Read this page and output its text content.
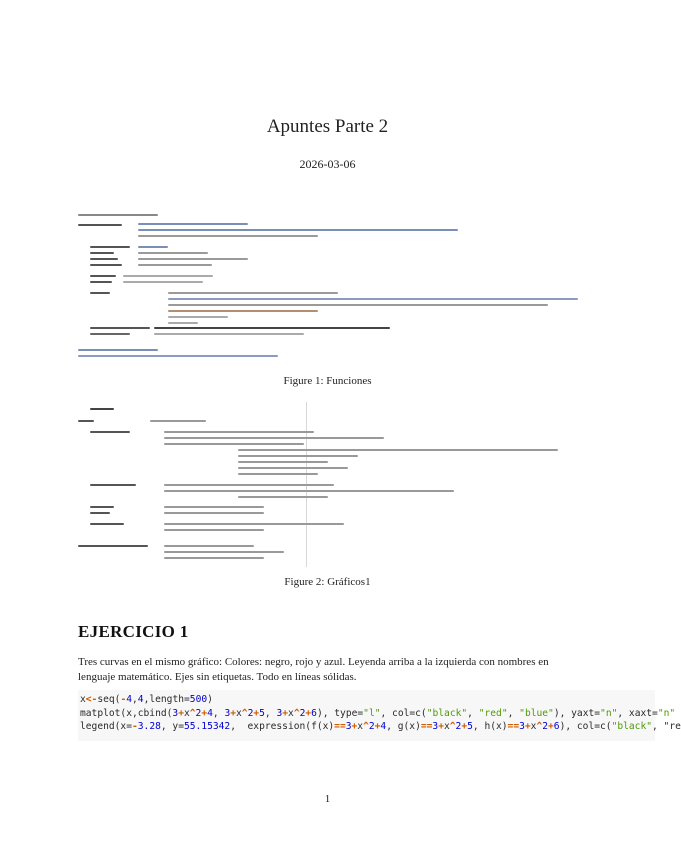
Apuntes Parte 2
2026-03-06
Figure 1: Funciones
Figure 2: Gráficos1
EJERCICIO 1
Tres curvas en el mismo gráfico: Colores: negro, rojo y azul. Leyenda arriba a la izquierda con nombres en lenguaje matemático. Ejes sin etiquetas. Todo en líneas sólidas.
x<-seq(-4,4,length=500)
matplot(x,cbind(3+x^2+4, 3+x^2+5, 3+x^2+6), type="l", col=c("black", "red", "blue"), yaxt="n", xaxt="n"
legend(x=-3.28, y=55.15342,  expression(f(x)==3+x^2+4, g(x)==3+x^2+5, h(x)==3+x^2+6), col=c("black", "re
1
